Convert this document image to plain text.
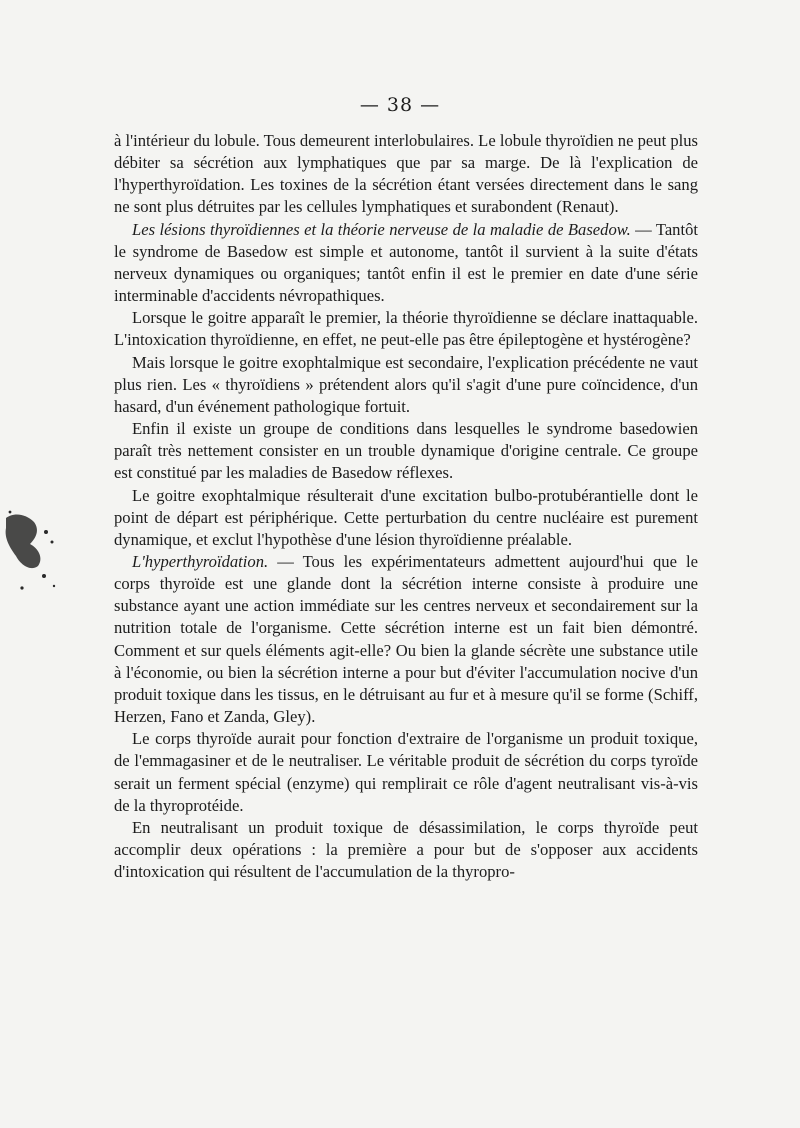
— 38 —

à l'intérieur du lobule. Tous demeurent interlobulaires. Le lobule thyroïdien ne peut plus débiter sa sécrétion aux lymphatiques que par sa marge. De là l'explication de l'hyperthyroïdation. Les toxines de la sécrétion étant versées directement dans le sang ne sont plus détruites par les cellules lymphatiques et surabondent (Renaut).

Les lésions thyroïdiennes et la théorie nerveuse de la maladie de Basedow. — Tantôt le syndrome de Basedow est simple et autonome, tantôt il survient à la suite d'états nerveux dynamiques ou organiques; tantôt enfin il est le premier en date d'une série interminable d'accidents névropathiques.

Lorsque le goitre apparaît le premier, la théorie thyroïdienne se déclare inattaquable. L'intoxication thyroïdienne, en effet, ne peut-elle pas être épileptogène et hystérogène?

Mais lorsque le goitre exophtalmique est secondaire, l'explication précédente ne vaut plus rien. Les « thyroïdiens » prétendent alors qu'il s'agit d'une pure coïncidence, d'un hasard, d'un événement pathologique fortuit.

Enfin il existe un groupe de conditions dans lesquelles le syndrome basedowien paraît très nettement consister en un trouble dynamique d'origine centrale. Ce groupe est constitué par les maladies de Basedow réflexes.

Le goitre exophtalmique résulterait d'une excitation bulbo-protubérantielle dont le point de départ est périphérique. Cette perturbation du centre nucléaire est purement dynamique, et exclut l'hypothèse d'une lésion thyroïdienne préalable.

L'hyperthyroïdation. — Tous les expérimentateurs admettent aujourd'hui que le corps thyroïde est une glande dont la sécrétion interne consiste à produire une substance ayant une action immédiate sur les centres nerveux et secondairement sur la nutrition totale de l'organisme. Cette sécrétion interne est un fait bien démontré. Comment et sur quels éléments agit-elle? Ou bien la glande sécrète une substance utile à l'économie, ou bien la sécrétion interne a pour but d'éviter l'accumulation nocive d'un produit toxique dans les tissus, en le détruisant au fur et à mesure qu'il se forme (Schiff, Herzen, Fano et Zanda, Gley).

Le corps thyroïde aurait pour fonction d'extraire de l'organisme un produit toxique, de l'emmagasiner et de le neutraliser. Le véritable produit de sécrétion du corps tyroïde serait un ferment spécial (enzyme) qui remplirait ce rôle d'agent neutralisant vis-à-vis de la thyroprotéide.

En neutralisant un produit toxique de désassimilation, le corps thyroïde peut accomplir deux opérations : la première a pour but de s'opposer aux accidents d'intoxication qui résultent de l'accumulation de la thyropro-
